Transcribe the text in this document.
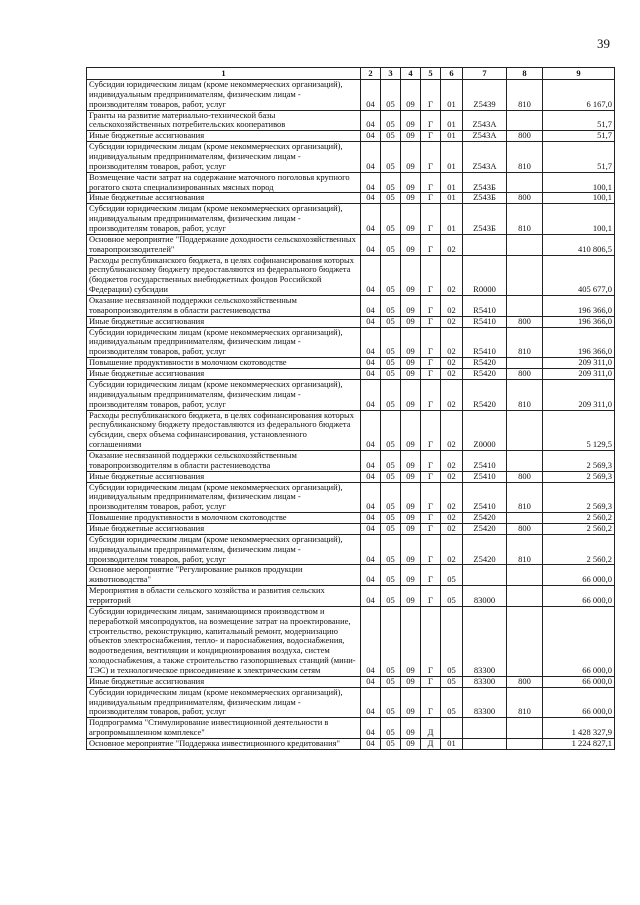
39
1	2	3	4	5	6	7	8	9
Субсидии юридическим лицам (кроме некоммерческих организаций), индивидуальным предпринимателям, физическим лицам - производителям товаров, работ, услуг	04	05	09	Г	01	Z5439	810	6 167,0
Гранты на развитие материально-технической базы сельскохозяйственных потребительских кооперативов	04	05	09	Г	01	Z543А		51,7
Иные бюджетные ассигнования	04	05	09	Г	01	Z543А	800	51,7
Субсидии юридическим лицам (кроме некоммерческих организаций), индивидуальным предпринимателям, физическим лицам - производителям товаров, работ, услуг	04	05	09	Г	01	Z543А	810	51,7
Возмещение части затрат на содержание маточного поголовья крупного рогатого скота специализированных мясных пород	04	05	09	Г	01	Z543Б		100,1
Иные бюджетные ассигнования	04	05	09	Г	01	Z543Б	800	100,1
Субсидии юридическим лицам (кроме некоммерческих организаций), индивидуальным предпринимателям, физическим лицам - производителям товаров, работ, услуг	04	05	09	Г	01	Z543Б	810	100,1
Основное мероприятие "Поддержание доходности сельскохозяйственных товаропроизводителей"	04	05	09	Г	02			410 806,5
Расходы республиканского бюджета, в целях софинансирования которых республиканскому бюджету предоставляются из федерального бюджета (бюджетов государственных внебюджетных фондов Российской Федерации) субсидии	04	05	09	Г	02	R0000		405 677,0
Оказание несвязанной поддержки сельскохозяйственным товаропроизводителям в области растениеводства	04	05	09	Г	02	R5410		196 366,0
Иные бюджетные ассигнования	04	05	09	Г	02	R5410	800	196 366,0
Субсидии юридическим лицам (кроме некоммерческих организаций), индивидуальным предпринимателям, физическим лицам - производителям товаров, работ, услуг	04	05	09	Г	02	R5410	810	196 366,0
Повышение продуктивности в молочном скотоводстве	04	05	09	Г	02	R5420		209 311,0
Иные бюджетные ассигнования	04	05	09	Г	02	R5420	800	209 311,0
Субсидии юридическим лицам (кроме некоммерческих организаций), индивидуальным предпринимателям, физическим лицам - производителям товаров, работ, услуг	04	05	09	Г	02	R5420	810	209 311,0
Расходы республиканского бюджета, в целях софинансирования которых республиканскому бюджету предоставляются из федерального бюджета субсидии, сверх объема софинансирования, установленного соглашениями	04	05	09	Г	02	Z0000		5 129,5
Оказание несвязанной поддержки сельскохозяйственным товаропроизводителям в области растениеводства	04	05	09	Г	02	Z5410		2 569,3
Иные бюджетные ассигнования	04	05	09	Г	02	Z5410	800	2 569,3
Субсидии юридическим лицам (кроме некоммерческих организаций), индивидуальным предпринимателям, физическим лицам - производителям товаров, работ, услуг	04	05	09	Г	02	Z5410	810	2 569,3
Повышение продуктивности в молочном скотоводстве	04	05	09	Г	02	Z5420		2 560,2
Иные бюджетные ассигнования	04	05	09	Г	02	Z5420	800	2 560,2
Субсидии юридическим лицам (кроме некоммерческих организаций), индивидуальным предпринимателям, физическим лицам - производителям товаров, работ, услуг	04	05	09	Г	02	Z5420	810	2 560,2
Основное мероприятие "Регулирование рынков продукции животноводства"	04	05	09	Г	05			66 000,0
Мероприятия в области сельского хозяйства и развития сельских территорий	04	05	09	Г	05	83000		66 000,0
Субсидии юридическим лицам, занимающимся производством и переработкой мясопродуктов, на возмещение затрат на проектирование, строительство, реконструкцию, капитальный ремонт, модернизацию объектов электроснабжения, тепло- и пароснабжения, водоснабжения, водоотведения, вентиляции и кондиционирования воздуха, систем холодоснабжения, а также строительство газопоршневых станций (мини-ТЭС) и технологическое присоединение к электрическим сетям	04	05	09	Г	05	83300		66 000,0
Иные бюджетные ассигнования	04	05	09	Г	05	83300	800	66 000,0
Субсидии юридическим лицам (кроме некоммерческих организаций), индивидуальным предпринимателям, физическим лицам - производителям товаров, работ, услуг	04	05	09	Г	05	83300	810	66 000,0
Подпрограмма "Стимулирование инвестиционной деятельности в агропромышленном комплексе"	04	05	09	Д				1 428 327,9
Основное мероприятие "Поддержка инвестиционного кредитования"	04	05	09	Д	01			1 224 827,1
